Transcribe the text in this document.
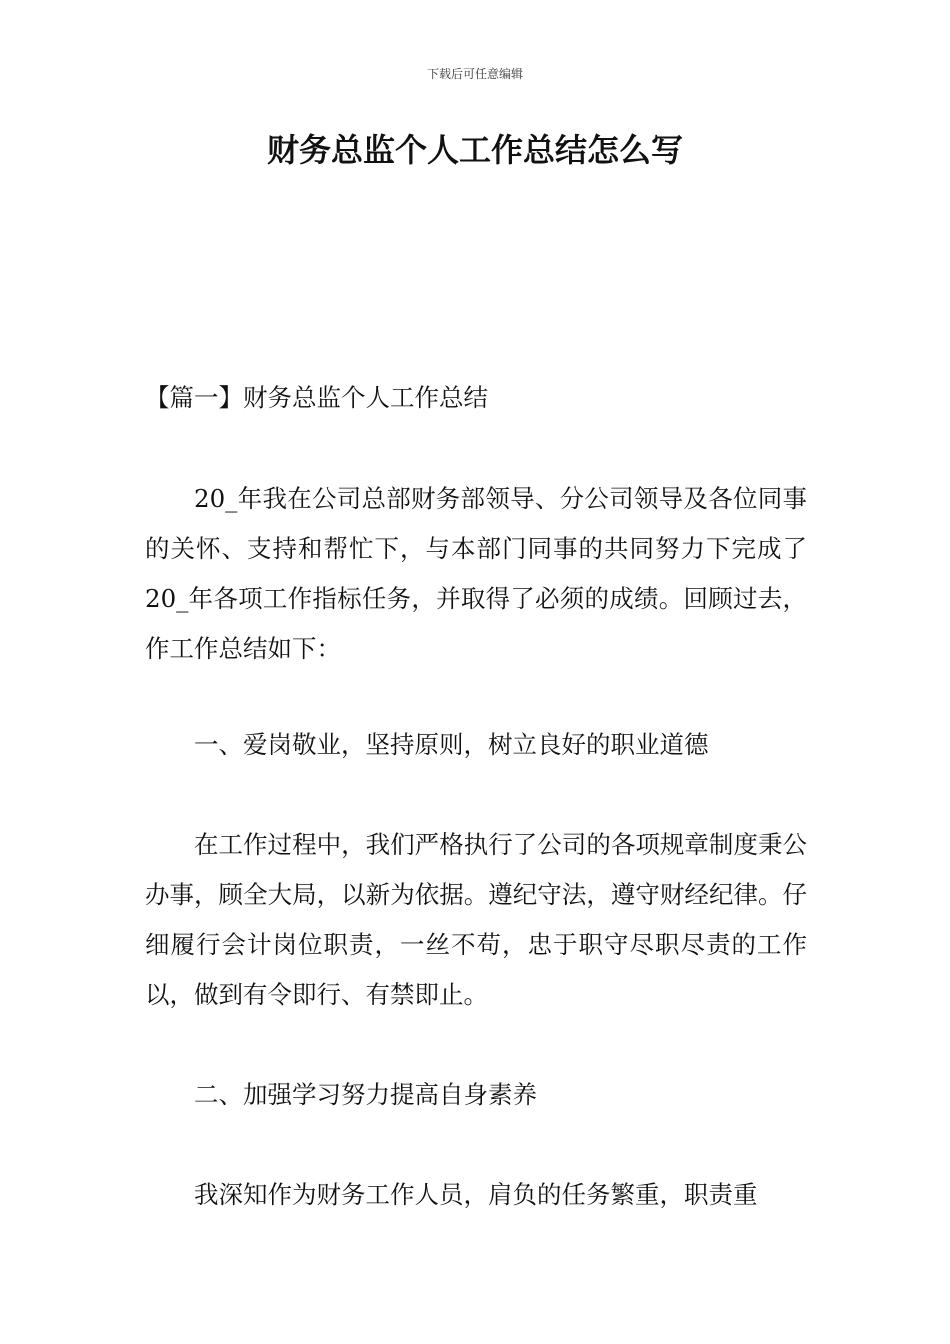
下载后可任意编辑
财务总监个人工作总结怎么写

【篇一】财务总监个人工作总结

20_年我在公司总部财务部领导、分公司领导及各位同事的关怀、支持和帮忙下，与本部门同事的共同努力下完成了20_年各项工作指标任务，并取得了必须的成绩。回顾过去，作工作总结如下：

一、爱岗敬业，坚持原则，树立良好的职业道德

在工作过程中，我们严格执行了公司的各项规章制度秉公办事，顾全大局，以新为依据。遵纪守法，遵守财经纪律。仔细履行会计岗位职责，一丝不苟，忠于职守尽职尽责的工作以，做到有令即行、有禁即止。

二、加强学习努力提高自身素养

我深知作为财务工作人员，肩负的任务繁重，职责重
